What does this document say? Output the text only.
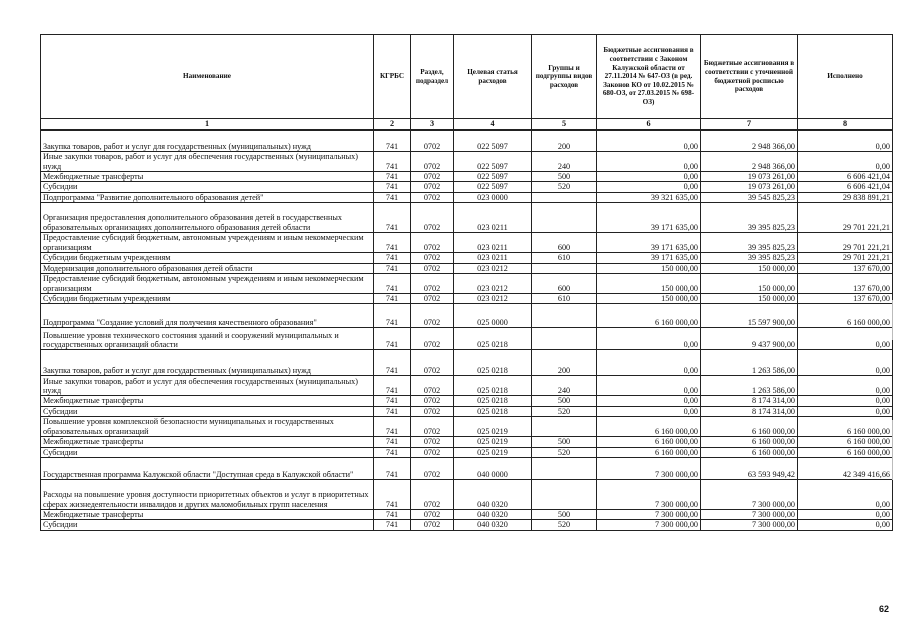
Наименование	КГРБС	Раздел, подраздел	Целевая статья расходов	Группы и подгруппы видов расходов	Бюджетные ассигнования в соответствии с Законом Калужской области от 27.11.2014 № 647-ОЗ (в ред. Законов КО от 10.02.2015 № 680-ОЗ, от 27.03.2015 № 698-ОЗ)	Бюджетные ассигнования в соответствии с уточненной бюджетной росписью расходов	Исполнено
1	2	3	4	5	6	7	8
Закупка товаров, работ и услуг для государственных (муниципальных) нужд	741	0702	022 5097	200	0,00	2 948 366,00	0,00
Иные закупки товаров, работ и услуг для обеспечения государственных (муниципальных) нужд	741	0702	022 5097	240	0,00	2 948 366,00	0,00
Межбюджетные трансферты	741	0702	022 5097	500	0,00	19 073 261,00	6 606 421,04
Субсидии	741	0702	022 5097	520	0,00	19 073 261,00	6 606 421,04
Подпрограмма "Развитие дополнительного образования детей"	741	0702	023 0000		39 321 635,00	39 545 825,23	29 838 891,21
Организация предоставления дополнительного образования детей в государственных образовательных организациях дополнительного образования детей области	741	0702	023 0211		39 171 635,00	39 395 825,23	29 701 221,21
Предоставление субсидий бюджетным, автономным учреждениям и иным некоммерческим организациям	741	0702	023 0211	600	39 171 635,00	39 395 825,23	29 701 221,21
Субсидии бюджетным учреждениям	741	0702	023 0211	610	39 171 635,00	39 395 825,23	29 701 221,21
Модернизация дополнительного образования детей области	741	0702	023 0212		150 000,00	150 000,00	137 670,00
Предоставление субсидий бюджетным, автономным учреждениям и иным некоммерческим организациям	741	0702	023 0212	600	150 000,00	150 000,00	137 670,00
Субсидии бюджетным учреждениям	741	0702	023 0212	610	150 000,00	150 000,00	137 670,00
Подпрограмма "Создание условий для получения качественного образования"	741	0702	025 0000		6 160 000,00	15 597 900,00	6 160 000,00
Повышение уровня технического состояния зданий и сооружений муниципальных и государственных организаций области	741	0702	025 0218		0,00	9 437 900,00	0,00
Закупка товаров, работ и услуг для государственных (муниципальных) нужд	741	0702	025 0218	200	0,00	1 263 586,00	0,00
Иные закупки товаров, работ и услуг для обеспечения государственных (муниципальных) нужд	741	0702	025 0218	240	0,00	1 263 586,00	0,00
Межбюджетные трансферты	741	0702	025 0218	500	0,00	8 174 314,00	0,00
Субсидии	741	0702	025 0218	520	0,00	8 174 314,00	0,00
Повышение уровня комплексной безопасности муниципальных и государственных образовательных организаций	741	0702	025 0219		6 160 000,00	6 160 000,00	6 160 000,00
Межбюджетные трансферты	741	0702	025 0219	500	6 160 000,00	6 160 000,00	6 160 000,00
Субсидии	741	0702	025 0219	520	6 160 000,00	6 160 000,00	6 160 000,00
Государственная программа Калужской области "Доступная среда в Калужской области"	741	0702	040 0000		7 300 000,00	63 593 949,42	42 349 416,66
Расходы на повышение уровня доступности приоритетных объектов и услуг в приоритетных сферах жизнедеятельности инвалидов и других маломобильных групп населения	741	0702	040 0320		7 300 000,00	7 300 000,00	0,00
Межбюджетные трансферты	741	0702	040 0320	500	7 300 000,00	7 300 000,00	0,00
Субсидии	741	0702	040 0320	520	7 300 000,00	7 300 000,00	0,00
62
